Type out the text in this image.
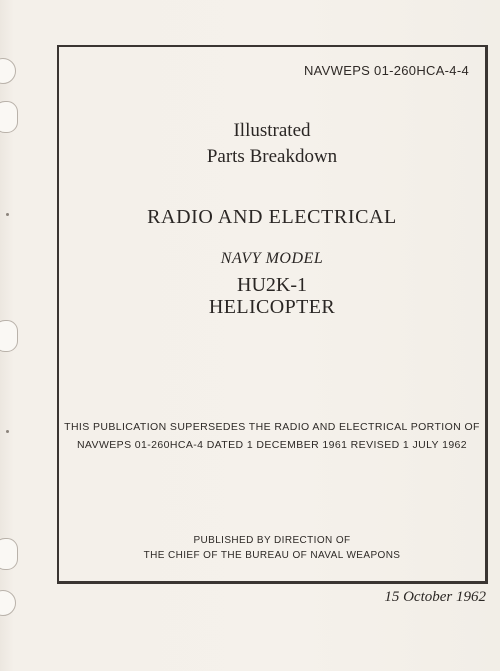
NAVWEPS 01-260HCA-4-4
Illustrated
Parts Breakdown
RADIO AND ELECTRICAL
NAVY MODEL
HU2K-1
HELICOPTER
THIS PUBLICATION SUPERSEDES THE RADIO AND ELECTRICAL PORTION OF
NAVWEPS 01-260HCA-4 DATED 1 DECEMBER 1961 REVISED 1 JULY 1962
PUBLISHED BY DIRECTION OF
THE CHIEF OF THE BUREAU OF NAVAL WEAPONS
15 October 1962
